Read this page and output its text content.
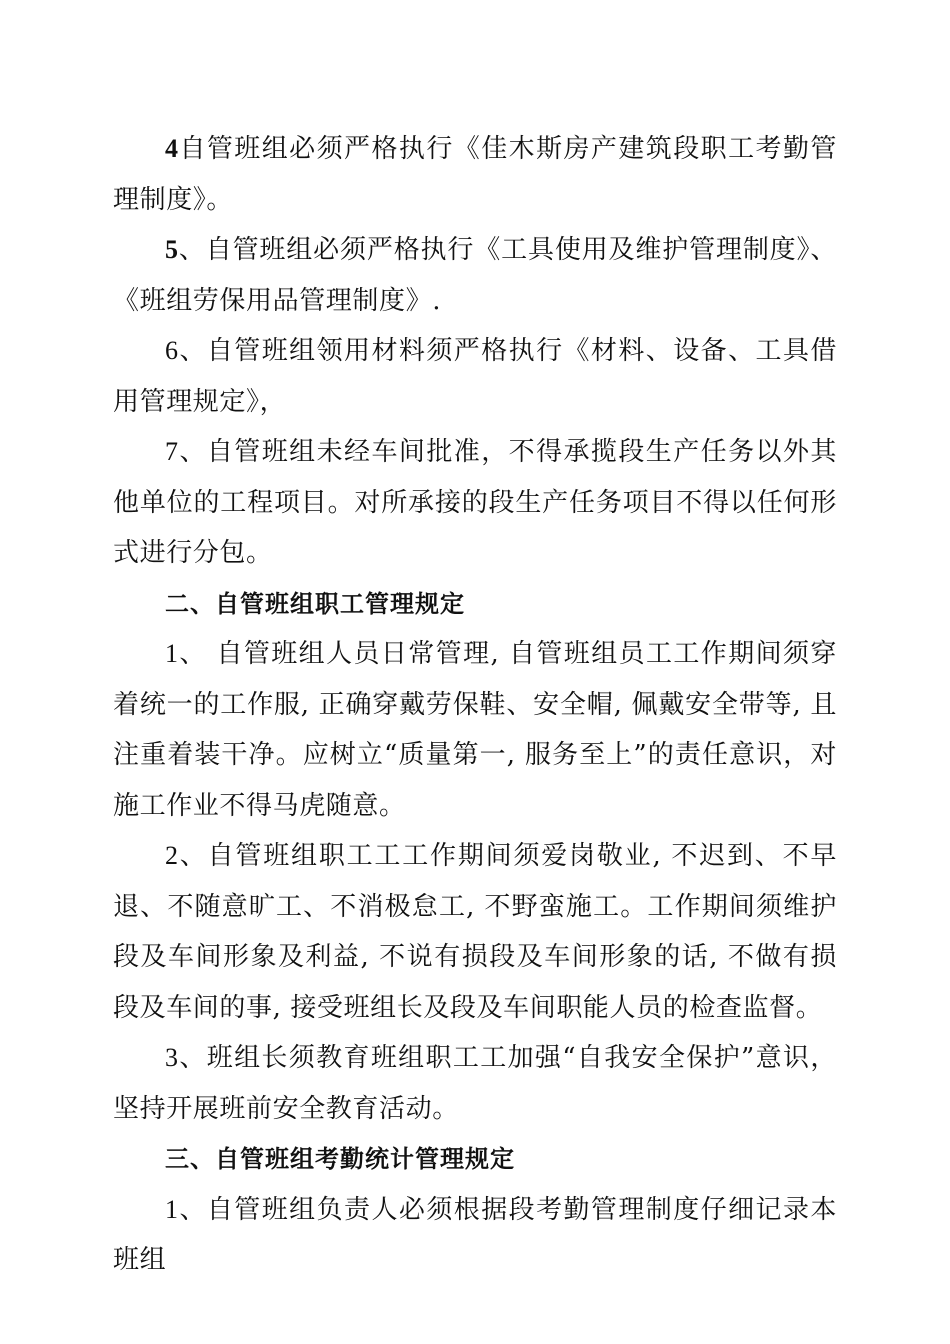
4自管班组必须严格执行《佳木斯房产建筑段职工考勤管理制度》。

5、自管班组必须严格执行《工具使用及维护管理制度》、《班组劳保用品管理制度》.

6、自管班组领用材料须严格执行《材料、设备、工具借用管理规定》，

7、自管班组未经车间批准，不得承揽段生产任务以外其他单位的工程项目。对所承接的段生产任务项目不得以任何形式进行分包。

二、自管班组职工管理规定

1、 自管班组人员日常管理, 自管班组员工工作期间须穿着统一的工作服, 正确穿戴劳保鞋、安全帽, 佩戴安全带等, 且注重着装干净。应树立“质量第一, 服务至上”的责任意识，对施工作业不得马虎随意。

2、自管班组职工工工作期间须爱岗敬业, 不迟到、不早退、不随意旷工、不消极怠工, 不野蛮施工。工作期间须维护段及车间形象及利益, 不说有损段及车间形象的话, 不做有损段及车间的事, 接受班组长及段及车间职能人员的检查监督。

3、班组长须教育班组职工工加强“自我安全保护”意识，坚持开展班前安全教育活动。

三、自管班组考勤统计管理规定

1、自管班组负责人必须根据段考勤管理制度仔细记录本班组
